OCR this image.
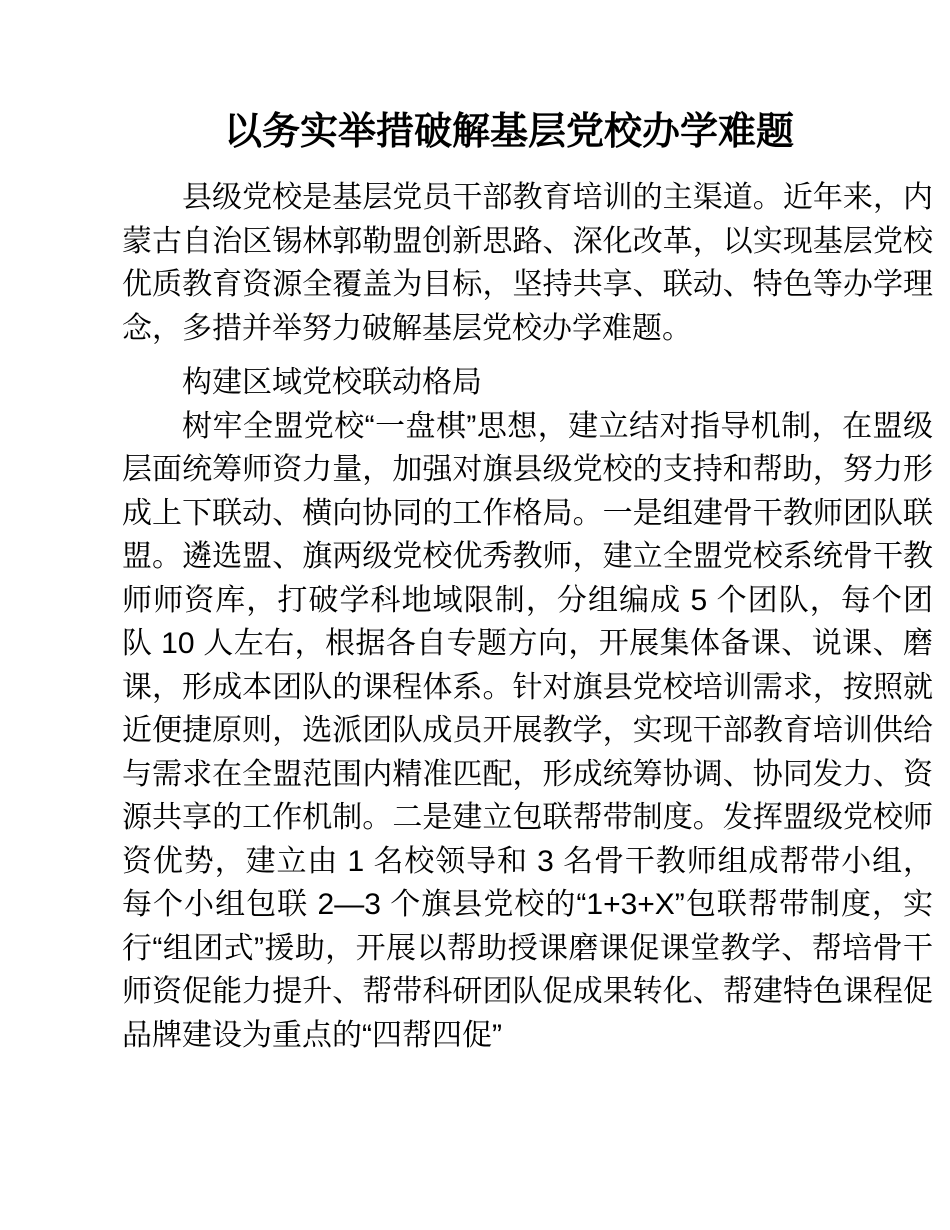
以务实举措破解基层党校办学难题

县级党校是基层党员干部教育培训的主渠道。近年来，内蒙古自治区锡林郭勒盟创新思路、深化改革，以实现基层党校优质教育资源全覆盖为目标，坚持共享、联动、特色等办学理念，多措并举努力破解基层党校办学难题。

构建区域党校联动格局

树牢全盟党校“一盘棋”思想，建立结对指导机制，在盟级层面统筹师资力量，加强对旗县级党校的支持和帮助，努力形成上下联动、横向协同的工作格局。一是组建骨干教师团队联盟。遴选盟、旗两级党校优秀教师，建立全盟党校系统骨干教师师资库，打破学科地域限制，分组编成 5 个团队，每个团队 10 人左右，根据各自专题方向，开展集体备课、说课、磨课，形成本团队的课程体系。针对旗县党校培训需求，按照就近便捷原则，选派团队成员开展教学，实现干部教育培训供给与需求在全盟范围内精准匹配，形成统筹协调、协同发力、资源共享的工作机制。二是建立包联帮带制度。发挥盟级党校师资优势，建立由 1 名校领导和 3 名骨干教师组成帮带小组，每个小组包联 2—3 个旗县党校的“1+3+X”包联帮带制度，实行“组团式”援助，开展以帮助授课磨课促课堂教学、帮培骨干师资促能力提升、帮带科研团队促成果转化、帮建特色课程促品牌建设为重点的“四帮四促”
